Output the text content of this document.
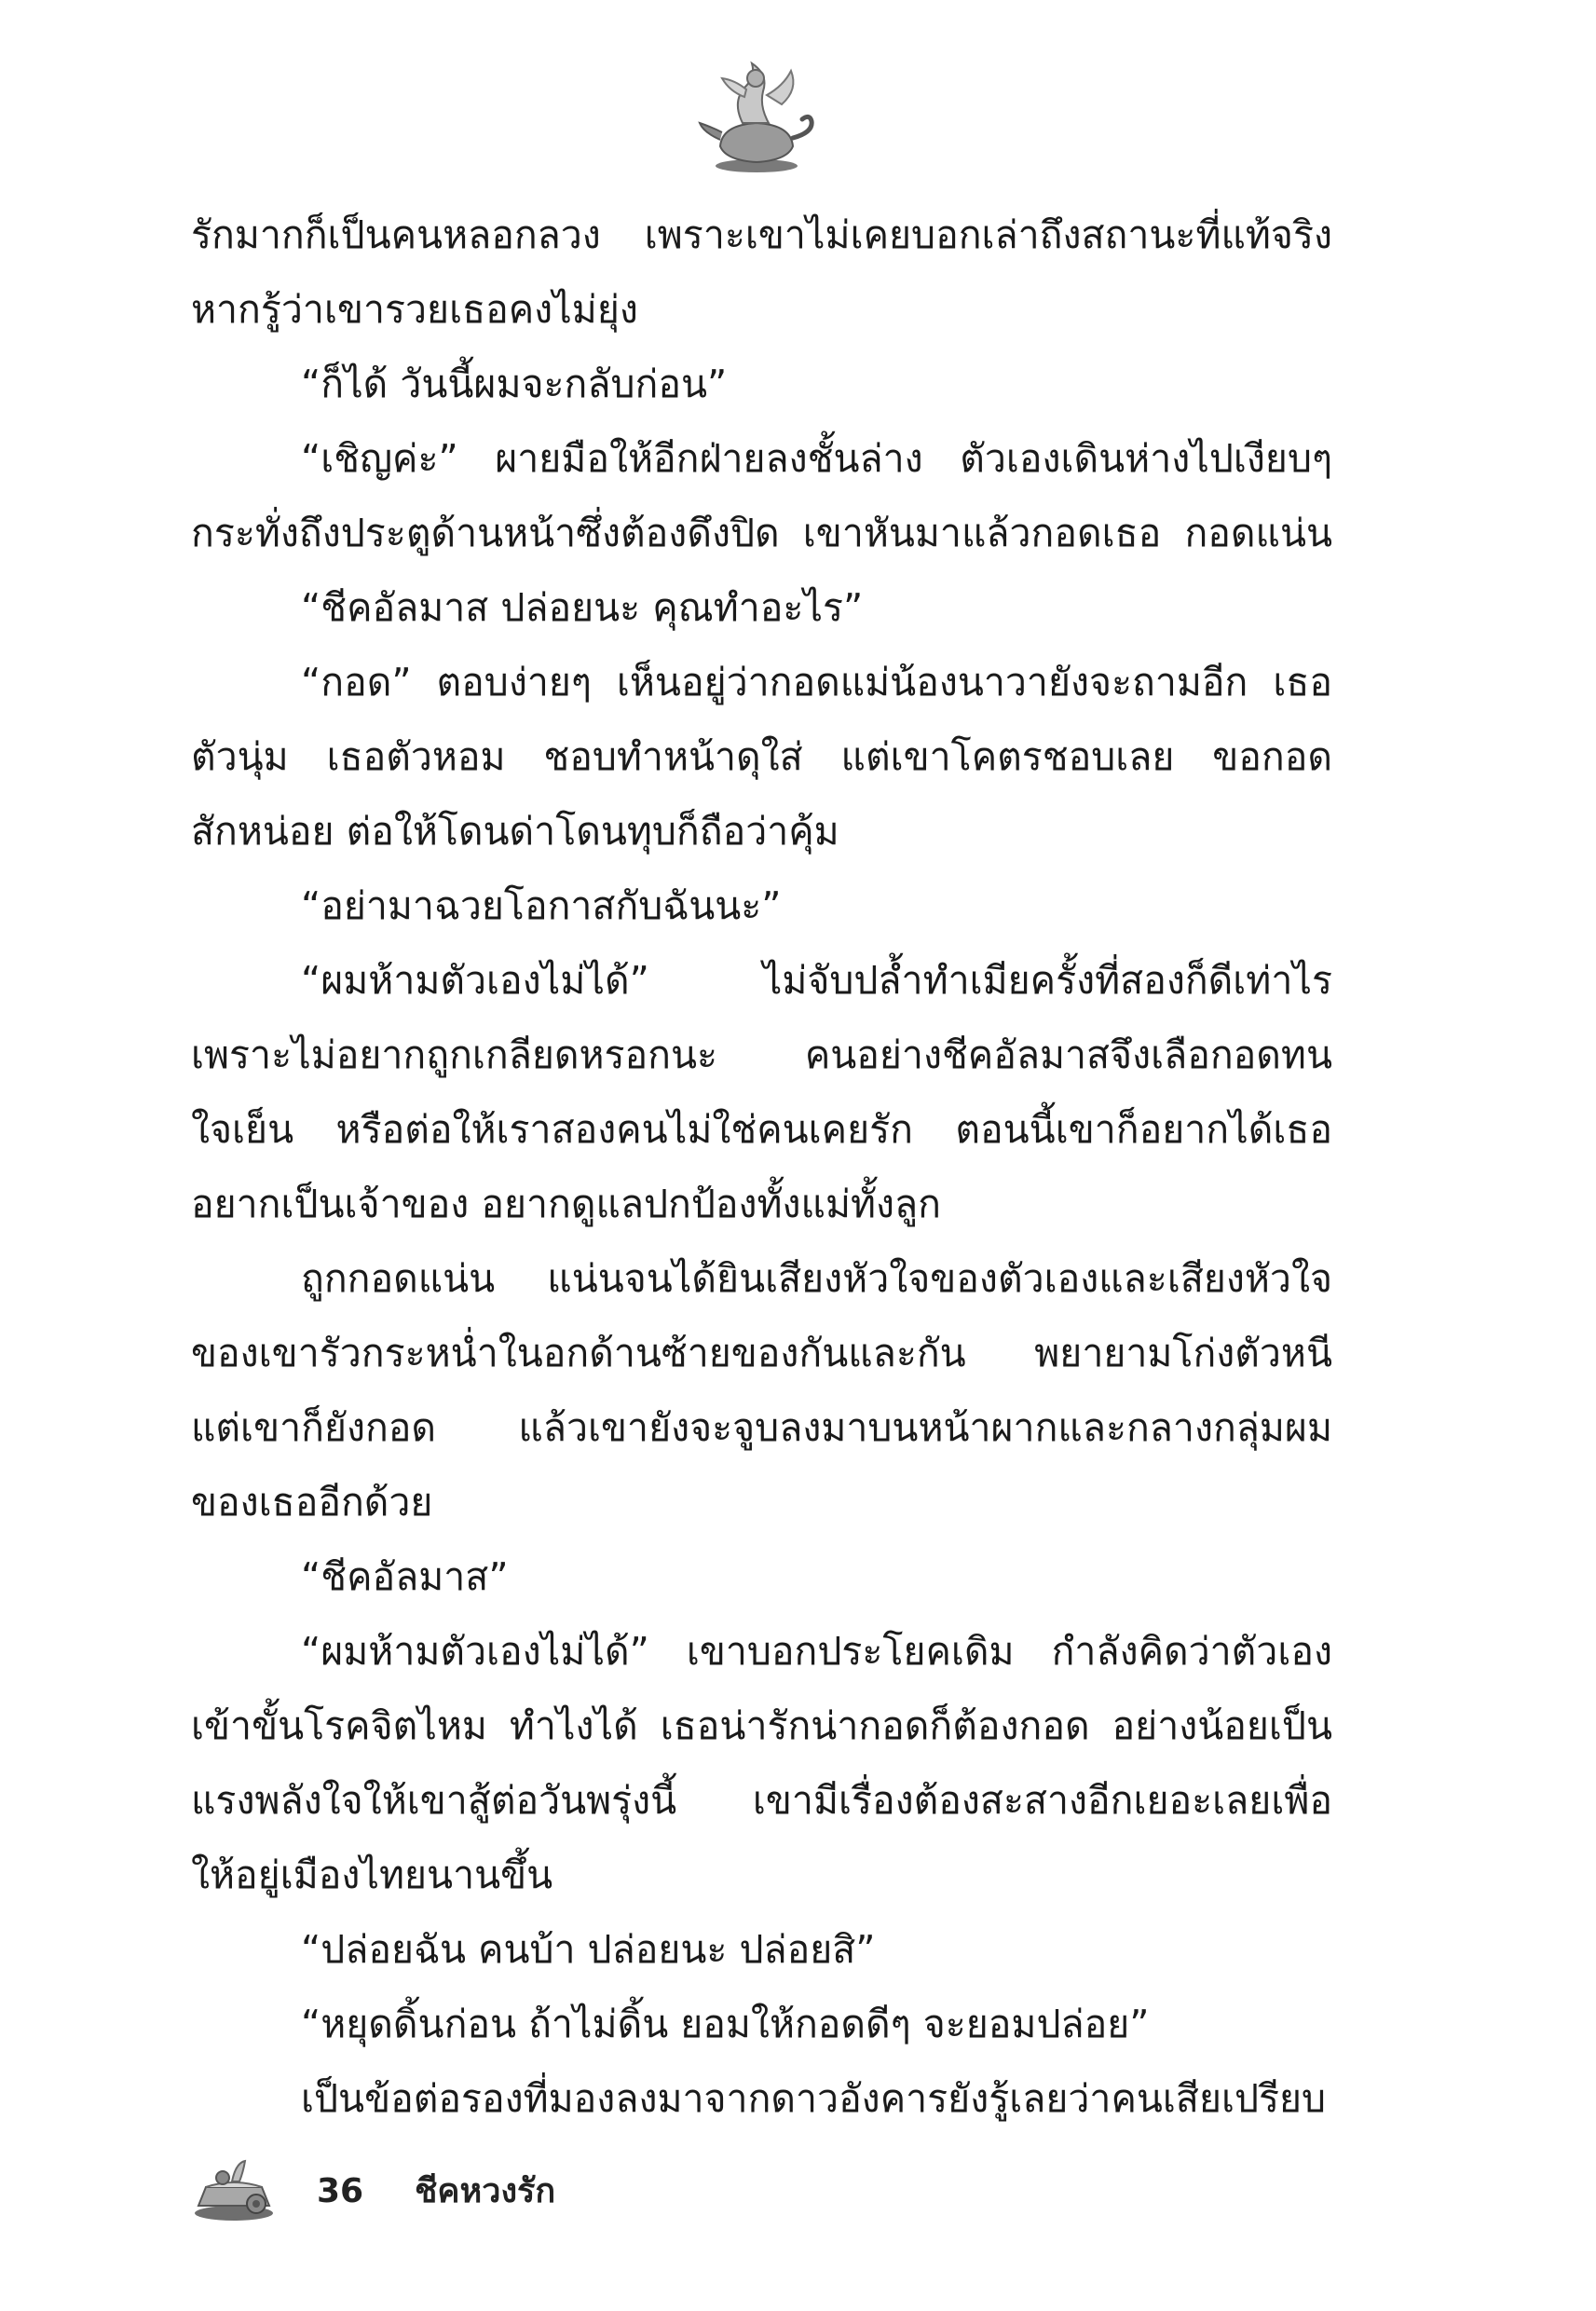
รักมากก็เป็นคนหลอกลวง เพราะเขาไม่เคยบอกเล่าถึงสถานะที่แท้จริง
หากรู้ว่าเขารวยเธอคงไม่ยุ่ง
“ก็ได้ วันนี้ผมจะกลับก่อน”
“เชิญค่ะ” ผายมือให้อีกฝ่ายลงชั้นล่าง ตัวเองเดินห่างไปเงียบๆ
กระทั่งถึงประตูด้านหน้าซึ่งต้องดึงปิด เขาหันมาแล้วกอดเธอ กอดแน่น
“ชีคอัลมาส ปล่อยนะ คุณทำอะไร”
“กอด” ตอบง่ายๆ เห็นอยู่ว่ากอดแม่น้องนาวายังจะถามอีก เธอ
ตัวนุ่ม เธอตัวหอม ชอบทำหน้าดุใส่ แต่เขาโคตรชอบเลย ขอกอด
สักหน่อย ต่อให้โดนด่าโดนทุบก็ถือว่าคุ้ม
“อย่ามาฉวยโอกาสกับฉันนะ”
“ผมห้ามตัวเองไม่ได้” ไม่จับปล้ำทำเมียครั้งที่สองก็ดีเท่าไร
เพราะไม่อยากถูกเกลียดหรอกนะ คนอย่างชีคอัลมาสจึงเลือกอดทน
ใจเย็น หรือต่อให้เราสองคนไม่ใช่คนเคยรัก ตอนนี้เขาก็อยากได้เธอ
อยากเป็นเจ้าของ อยากดูแลปกป้องทั้งแม่ทั้งลูก
ถูกกอดแน่น แน่นจนได้ยินเสียงหัวใจของตัวเองและเสียงหัวใจ
ของเขารัวกระหน่ำในอกด้านซ้ายของกันและกัน พยายามโก่งตัวหนี
แต่เขาก็ยังกอด แล้วเขายังจะจูบลงมาบนหน้าผากและกลางกลุ่มผม
ของเธออีกด้วย
“ชีคอัลมาส”
“ผมห้ามตัวเองไม่ได้” เขาบอกประโยคเดิม กำลังคิดว่าตัวเอง
เข้าขั้นโรคจิตไหม ทำไงได้ เธอน่ารักน่ากอดก็ต้องกอด อย่างน้อยเป็น
แรงพลังใจให้เขาสู้ต่อวันพรุ่งนี้ เขามีเรื่องต้องสะสางอีกเยอะเลยเพื่อ
ให้อยู่เมืองไทยนานขึ้น
“ปล่อยฉัน คนบ้า ปล่อยนะ ปล่อยสิ”
“หยุดดิ้นก่อน ถ้าไม่ดิ้น ยอมให้กอดดีๆ จะยอมปล่อย”
เป็นข้อต่อรองที่มองลงมาจากดาวอังคารยังรู้เลยว่าคนเสียเปรียบ
36 ชีคหวงรัก
